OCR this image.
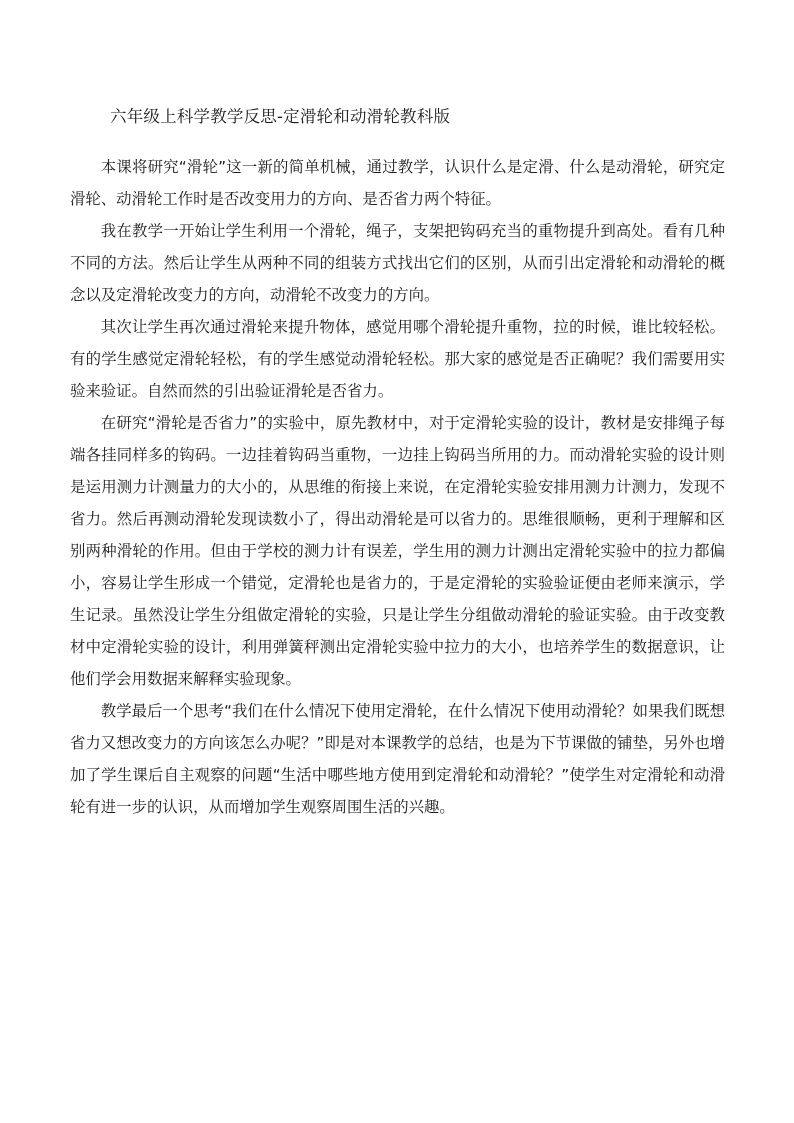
六年级上科学教学反思-定滑轮和动滑轮教科版

本课将研究“滑轮”这一新的简单机械，通过教学，认识什么是定滑、什么是动滑轮，研究定滑轮、动滑轮工作时是否改变用力的方向、是否省力两个特征。

我在教学一开始让学生利用一个滑轮，绳子，支架把钩码充当的重物提升到高处。看有几种不同的方法。然后让学生从两种不同的组装方式找出它们的区别，从而引出定滑轮和动滑轮的概念以及定滑轮改变力的方向，动滑轮不改变力的方向。

其次让学生再次通过滑轮来提升物体，感觉用哪个滑轮提升重物，拉的时候，谁比较轻松。有的学生感觉定滑轮轻松，有的学生感觉动滑轮轻松。那大家的感觉是否正确呢？我们需要用实验来验证。自然而然的引出验证滑轮是否省力。

在研究“滑轮是否省力”的实验中，原先教材中，对于定滑轮实验的设计，教材是安排绳子每端各挂同样多的钩码。一边挂着钩码当重物，一边挂上钩码当所用的力。而动滑轮实验的设计则是运用测力计测量力的大小的，从思维的衔接上来说，在定滑轮实验安排用测力计测力，发现不省力。然后再测动滑轮发现读数小了，得出动滑轮是可以省力的。思维很顺畅，更利于理解和区别两种滑轮的作用。但由于学校的测力计有误差，学生用的测力计测出定滑轮实验中的拉力都偏小，容易让学生形成一个错觉，定滑轮也是省力的，于是定滑轮的实验验证便由老师来演示，学生记录。虽然没让学生分组做定滑轮的实验，只是让学生分组做动滑轮的验证实验。由于改变教材中定滑轮实验的设计，利用弹簧秤测出定滑轮实验中拉力的大小，也培养学生的数据意识，让他们学会用数据来解释实验现象。

教学最后一个思考“我们在什么情况下使用定滑轮，在什么情况下使用动滑轮？如果我们既想省力又想改变力的方向该怎么办呢？”即是对本课教学的总结，也是为下节课做的铺垫，另外也增加了学生课后自主观察的问题“生活中哪些地方使用到定滑轮和动滑轮？”使学生对定滑轮和动滑轮有进一步的认识，从而增加学生观察周围生活的兴趣。
